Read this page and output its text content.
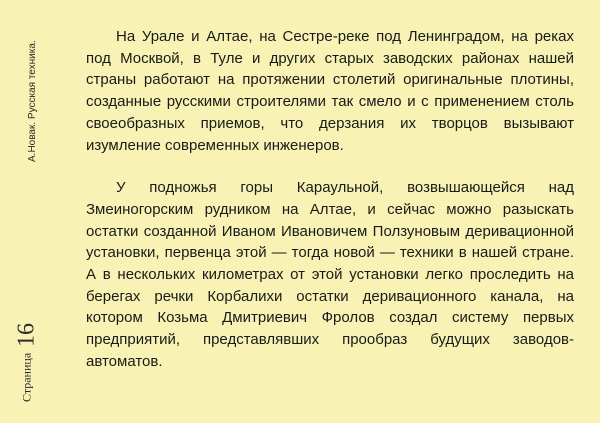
А.Новак. Русская техника.
Страница
16

На Урале и Алтае, на Сестре-реке под Ленинградом, на реках под Москвой, в Туле и других старых заводских районах нашей страны работают на протяжении столетий оригинальные плотины, созданные русскими строителями так смело и с применением столь своеобразных приемов, что дерзания их творцов вызывают изумление современных инженеров.

У подножья горы Караульной, возвышающейся над Змеиногорским рудником на Алтае, и сейчас можно разыскать остатки созданной Иваном Ивановичем Ползуновым деривационной установки, первенца этой — тогда новой — техники в нашей стране. А в нескольких километрах от этой установки легко проследить на берегах речки Корбалихи остатки деривационного канала, на котором Козьма Дмитриевич Фролов создал систему первых предприятий, представлявших прообраз будущих заводов-автоматов.
